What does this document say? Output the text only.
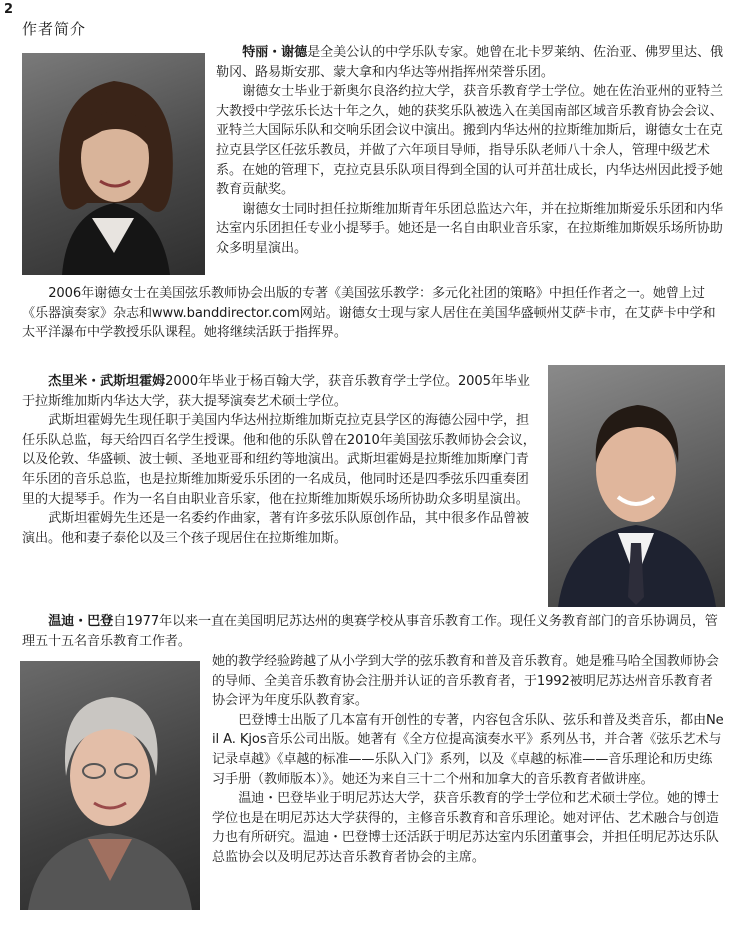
2
作者简介

特丽・谢德是全美公认的中学乐队专家。她曾在北卡罗莱纳、佐治亚、佛罗里达、俄勒冈、路易斯安那、蒙大拿和内华达等州指挥州荣誉乐团。

谢德女士毕业于新奥尔良洛约拉大学，获音乐教育学士学位。她在佐治亚州的亚特兰大教授中学弦乐长达十年之久，她的获奖乐队被选入在美国南部区域音乐教育协会会议、亚特兰大国际乐队和交响乐团会议中演出。搬到内华达州的拉斯维加斯后，谢德女士在克拉克县学区任弦乐教员，并做了六年项目导师，指导乐队老师八十余人，管理中级艺术系。在她的管理下，克拉克县乐队项目得到全国的认可并茁壮成长，内华达州因此授予她教育贡献奖。

谢德女士同时担任拉斯维加斯青年乐团总监达六年，并在拉斯维加斯爱乐乐团和内华达室内乐团担任专业小提琴手。她还是一名自由职业音乐家，在拉斯维加斯娱乐场所协助众多明星演出。

2006年谢德女士在美国弦乐教师协会出版的专著《美国弦乐教学：多元化社团的策略》中担任作者之一。她曾上过《乐器演奏家》杂志和www.banddirector.com网站。谢德女士现与家人居住在美国华盛顿州艾萨卡市，在艾萨卡中学和太平洋瀑布中学教授乐队课程。她将继续活跃于指挥界。

杰里米・武斯坦霍姆2000年毕业于杨百翰大学，获音乐教育学士学位。2005年毕业于拉斯维加斯内华达大学，获大提琴演奏艺术硕士学位。

武斯坦霍姆先生现任职于美国内华达州拉斯维加斯克拉克县学区的海德公园中学，担任乐队总监，每天给四百名学生授课。他和他的乐队曾在2010年美国弦乐教师协会会议，以及伦敦、华盛顿、波士顿、圣地亚哥和纽约等地演出。武斯坦霍姆是拉斯维加斯摩门青年乐团的音乐总监，也是拉斯维加斯爱乐乐团的一名成员，他同时还是四季弦乐四重奏团里的大提琴手。作为一名自由职业音乐家，他在拉斯维加斯娱乐场所协助众多明星演出。

武斯坦霍姆先生还是一名委约作曲家，著有许多弦乐队原创作品，其中很多作品曾被演出。他和妻子泰伦以及三个孩子现居住在拉斯维加斯。

温迪・巴登自1977年以来一直在美国明尼苏达州的奥赛学校从事音乐教育工作。现任义务教育部门的音乐协调员，管理五十五名音乐教育工作者。

她的教学经验跨越了从小学到大学的弦乐教育和普及音乐教育。她是雅马哈全国教师协会的导师、全美音乐教育协会注册并认证的音乐教育者，于1992被明尼苏达州音乐教育者协会评为年度乐队教育家。

巴登博士出版了几本富有开创性的专著，内容包含乐队、弦乐和普及类音乐，都由Neil A. Kjos音乐公司出版。她著有《全方位提高演奏水平》系列丛书，并合著《弦乐艺术与记录卓越》《卓越的标准——乐队入门》系列，以及《卓越的标准——音乐理论和历史练习手册（教师版本）》。她还为来自三十二个州和加拿大的音乐教育者做讲座。

温迪・巴登毕业于明尼苏达大学，获音乐教育的学士学位和艺术硕士学位。她的博士学位也是在明尼苏达大学获得的，主修音乐教育和音乐理论。她对评估、艺术融合与创造力也有所研究。温迪・巴登博士还活跃于明尼苏达室内乐团董事会，并担任明尼苏达乐队总监协会以及明尼苏达音乐教育者协会的主席。
